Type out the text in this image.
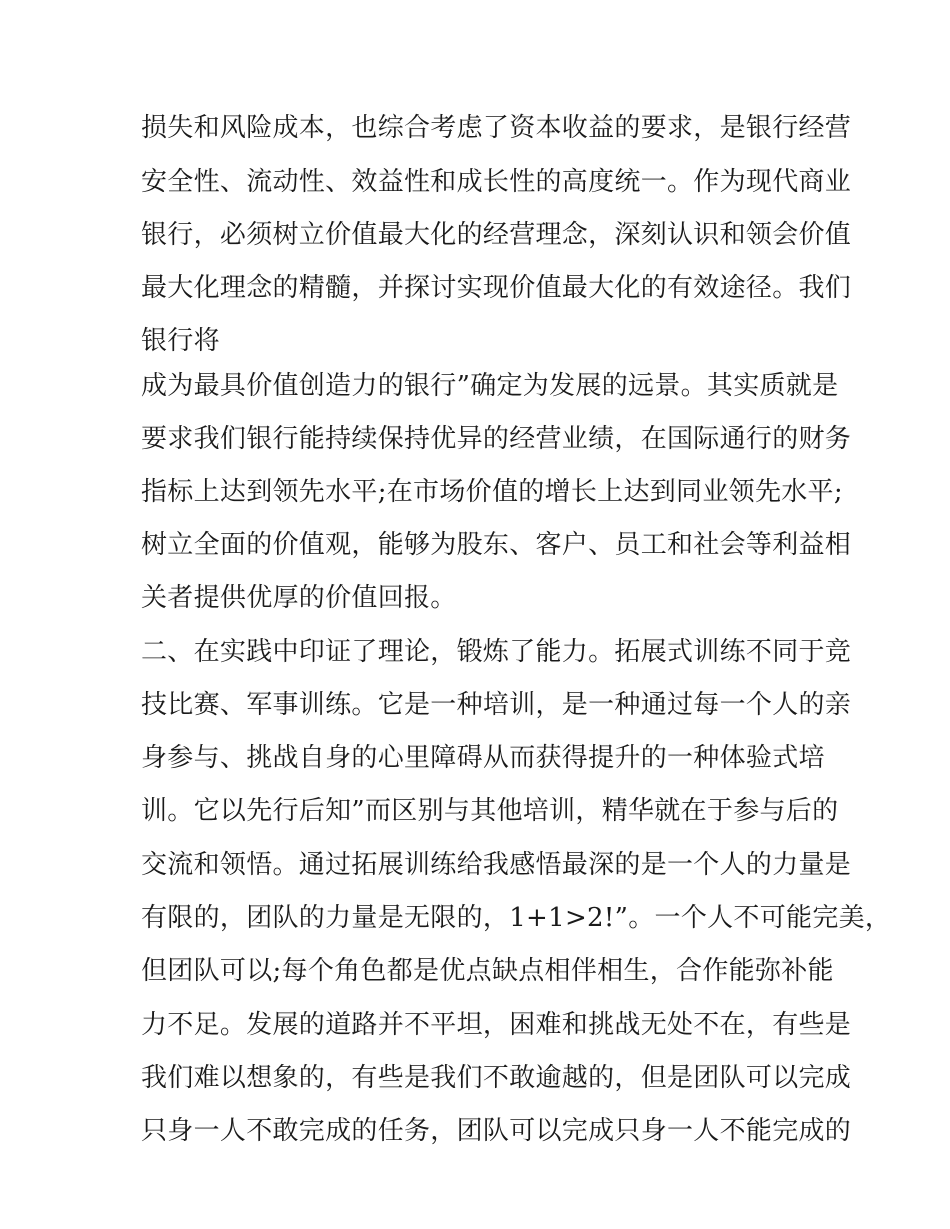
损失和风险成本，也综合考虑了资本收益的要求，是银行经营
安全性、流动性、效益性和成长性的高度统一。作为现代商业
银行，必须树立价值最大化的经营理念，深刻认识和领会价值
最大化理念的精髓，并探讨实现价值最大化的有效途径。我们
银行将
成为最具价值创造力的银行”确定为发展的远景。其实质就是
要求我们银行能持续保持优异的经营业绩，在国际通行的财务
指标上达到领先水平;在市场价值的增长上达到同业领先水平;
树立全面的价值观，能够为股东、客户、员工和社会等利益相
关者提供优厚的价值回报。
二、在实践中印证了理论，锻炼了能力。拓展式训练不同于竞
技比赛、军事训练。它是一种培训，是一种通过每一个人的亲
身参与、挑战自身的心里障碍从而获得提升的一种体验式培
训。它以先行后知”而区别与其他培训，精华就在于参与后的
交流和领悟。通过拓展训练给我感悟最深的是一个人的力量是
有限的，团队的力量是无限的，1+1>2!”。一个人不可能完美，
但团队可以;每个角色都是优点缺点相伴相生，合作能弥补能
力不足。发展的道路并不平坦，困难和挑战无处不在，有些是
我们难以想象的，有些是我们不敢逾越的，但是团队可以完成
只身一人不敢完成的任务，团队可以完成只身一人不能完成的
